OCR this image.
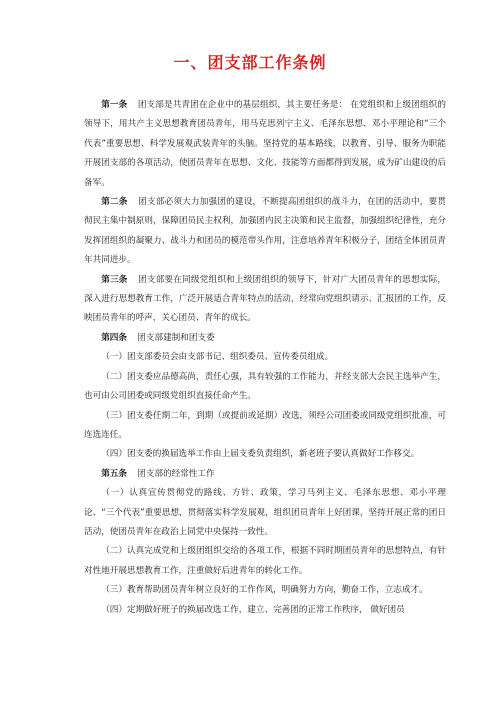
一、团支部工作条例

第一条 团支部是共青团在企业中的基层组织，其主要任务是： 在党组织和上级团组织的领导下，用共产主义思想教育团员青年，用马克思列宁主义、毛泽东思想、邓小平理论和“三个代表”重要思想、科学发展观武装青年的头脑。坚持党的基本路线，以教育、引导、服务为职能开展团支部的各项活动，使团员青年在思想、文化、技能等方面都得到发展，成为矿山建设的后备军。

第二条 团支部必须大力加强团的建设，不断提高团组织的战斗力，在团的活动中，要贯彻民主集中制原则，保障团员民主权利，加强团内民主决策和民主监督，加强组织纪律性，充分发挥团组织的凝聚力、战斗力和团员的模范带头作用，注意培养青年积极分子，团结全体团员青年共同进步。

第三条 团支部要在同级党组织和上级团组织的领导下，针对广大团员青年的思想实际，深入进行思想教育工作，广泛开展适合青年特点的活动，经常向党组织请示、汇报团的工作，反映团员青年的呼声，关心团员、青年的成长。

第四条 团支部建制和团支委

（一）团支部委员会由支部书记、组织委员、宣传委员组成。

（二）团支委应品德高尚，责任心强，具有较强的工作能力，并经支部大会民主选举产生，也可由公司团委或同级党组织直接任命产生。

（三）团支委任期二年，到期（或提前或延期）改选，须经公司团委或同级党组织批准，可连选连任。

（四）团支委的换届选举工作由上届支委负责组织，新老班子要认真做好工作移交。

第五条 团支部的经常性工作

（一）认真宣传贯彻党的路线、方针、政策，学习马列主义、毛泽东思想、邓小平理论、“三个代表”重要思想，贯彻落实科学发展观，组织团员青年上好团课，坚持开展正常的团日活动，使团员青年在政治上同党中央保持一致性。

（二）认真完成党和上级团组织交给的各项工作，根据不同时期团员青年的思想特点，有针对性地开展思想教育工作，注重做好后进青年的转化工作。

（三）教育帮助团员青年树立良好的工作作风，明确努力方向，勤奋工作，立志成才。

（四）定期做好班子的换届改选工作，建立、完善团的正常工作秩序， 做好团员
